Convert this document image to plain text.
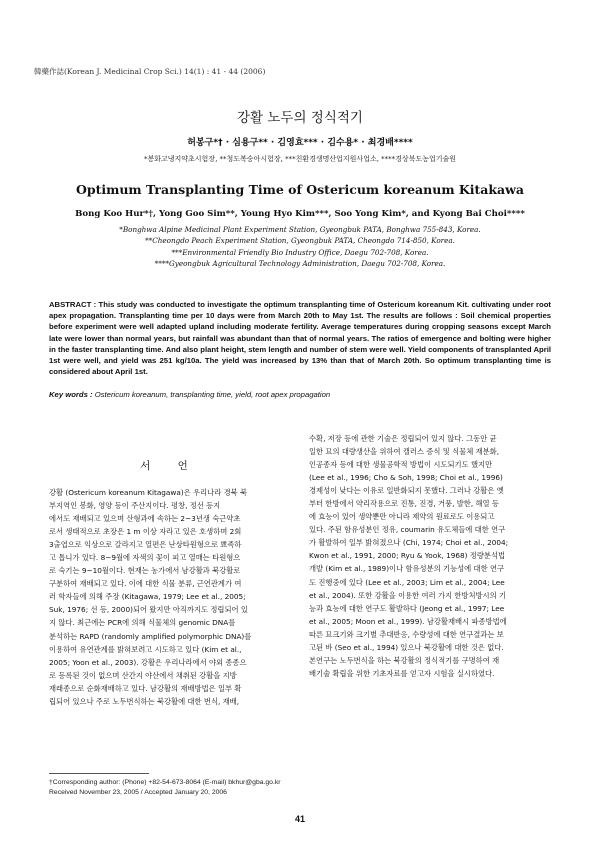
韓藥作誌(Korean J. Medicinal Crop Sci.) 14(1) : 41 - 44 (2006)
강활 노두의 정식적기
허봉구*† · 심용구** · 김영효*** · 김수용* · 최경배****
*봉화고냉지약초시험장, **청도복숭아시험장, ***친환경생명산업지원사업소, ****경상북도농업기술원
Optimum Transplanting Time of Ostericum koreanum Kitakawa
Bong Koo Hur*†, Yong Goo Sim**, Young Hyo Kim***, Soo Yong Kim*, and Kyong Bai Choi****
*Bonghwa Alpine Medicinal Plant Experiment Station, Gyeongbuk PATA, Bonghwa 755-843, Korea.
**Cheongdo Peach Experiment Station, Gyeongbuk PATA, Cheongdo 714-850, Korea.
***Environmental Friendly Bio Industry Office, Daegu 702-708, Korea.
****Gyeongbuk Agricultural Technology Administration, Daegu 702-708, Korea.
ABSTRACT : This study was conducted to investigate the optimum transplanting time of Ostericum koreanum Kit. cultivating under root apex propagation. Transplanting time per 10 days were from March 20th to May 1st. The results are follows : Soil chemical properties before experiment were well adapted upland including moderate fertility. Average temperatures during cropping seasons except March late were lower than normal years, but rainfall was abundant than that of normal years. The ratios of emergence and bolting were higher in the faster transplanting time. And also plant height, stem length and number of stem were well. Yield components of transplanted April 1st were well, and yield was 251 kg/10a. The yield was increased by 13% than that of March 20th. So optimum transplanting time is considered about April 1st.
Key words : Ostericum koreanum, transplanting time, yield, root apex propagation
서 언
강활 (Ostericum koreanum Kitagawa)은 우리나라 경북 북
부지역인 봉화, 영양 등이 주산지이다. 평창, 정선 등지
에서도 재배되고 있으며 산형과에 속하는 2~3년생 숙근약초
로서 생태적으로 초장은 1 m 이상 자라고 있은 호생하며 2회
3출엽으로 익상으로 갈라지고 열편은 난상타원형으로 뾰족하
고 톱니가 있다. 8~9월에 자색의 꽃이 피고 열매는 타원형으
로 숙기는 9~10월이다. 현재는 농가에서 남강활과 북강활로
구분하여 재배되고 있다. 이에 대한 식물 분류, 근연관계가 여
러 학자들에 의해 주장 (Kitagawa, 1979; Lee et al., 2005;
Suk, 1976; 선 등, 2000)되어 왔지만 아직까지도 정립되어 있
지 않다. 최근에는 PCR에 의해 식물체의 genomic DNA를
분석하는 RAPD (randomly amplified polymorphic DNA)를
이용하여 유연관계를 밝혀보려고 시도하고 있다 (Kim et al.,
2005; Yoon et al., 2003). 강활은 우리나라에서 야외 종종으
로 등록된 것이 없으며 산간지 야산에서 채취된 강활을 지방
재래종으로 순화재배하고 있다. 남강활의 재배방법은 일부 확
립되어 있으나 주로 노두번식하는 북강활에 대한 번식, 재배,
수확, 저장 등에 관한 기술은 정립되어 있지 않다. 그동안 균
일한 묘의 대량생산을 위하여 캘러스 증식 및 식물체 재분화,
인공종자 등에 대한 생물공학적 방법이 시도되기도 했지만
(Lee et al., 1996; Cho & Soh, 1998; Choi et al., 1996)
경제성이 낮다는 이유로 일반화되지 못했다. 그러나 강활은 옛
부터 한방에서 약리작용으로 진통, 진경, 거풍, 발한, 해열 등
에 효능이 있어 생약뿐만 아니라 제약의 원료로도 이용되고
있다. 주된 함유성분인 정유, coumarin 유도체들에 대한 연구
가 활발하여 일부 밝혀졌으나 (Chi, 1974; Choi et al., 2004;
Kwon et al., 1991, 2000; Ryu & Yook, 1968) 정량분석법
개발 (Kim et al., 1989)이나 함유성분의 기능성에 대한 연구
도 진행중에 있다 (Lee et al., 2003; Lim et al., 2004; Lee
et al., 2004). 또한 강활을 이용한 여러 가지 한방처방시의 기
능과 효능에 대한 연구도 활발하다 (Jeong et al., 1997; Lee
et al., 2005; Moon et al., 1999). 남강활재배시 파종방법에
따른 묘크기와 크기별 추대반응, 수량성에 대한 연구결과는 보
고된 바 (Seo et al., 1994) 있으나 북강활에 대한 것은 없다.
본연구는 노두번식을 하는 북강활의 정식적기를 구명하여 재
배기술 확립을 위한 기초자료를 얻고자 시험을 실시하였다.
†Corresponding author: (Phone) +82-54-673-8064 (E-mail) bkhur@gba.go.kr
Received November 23, 2005 / Accepted January 20, 2006
41
